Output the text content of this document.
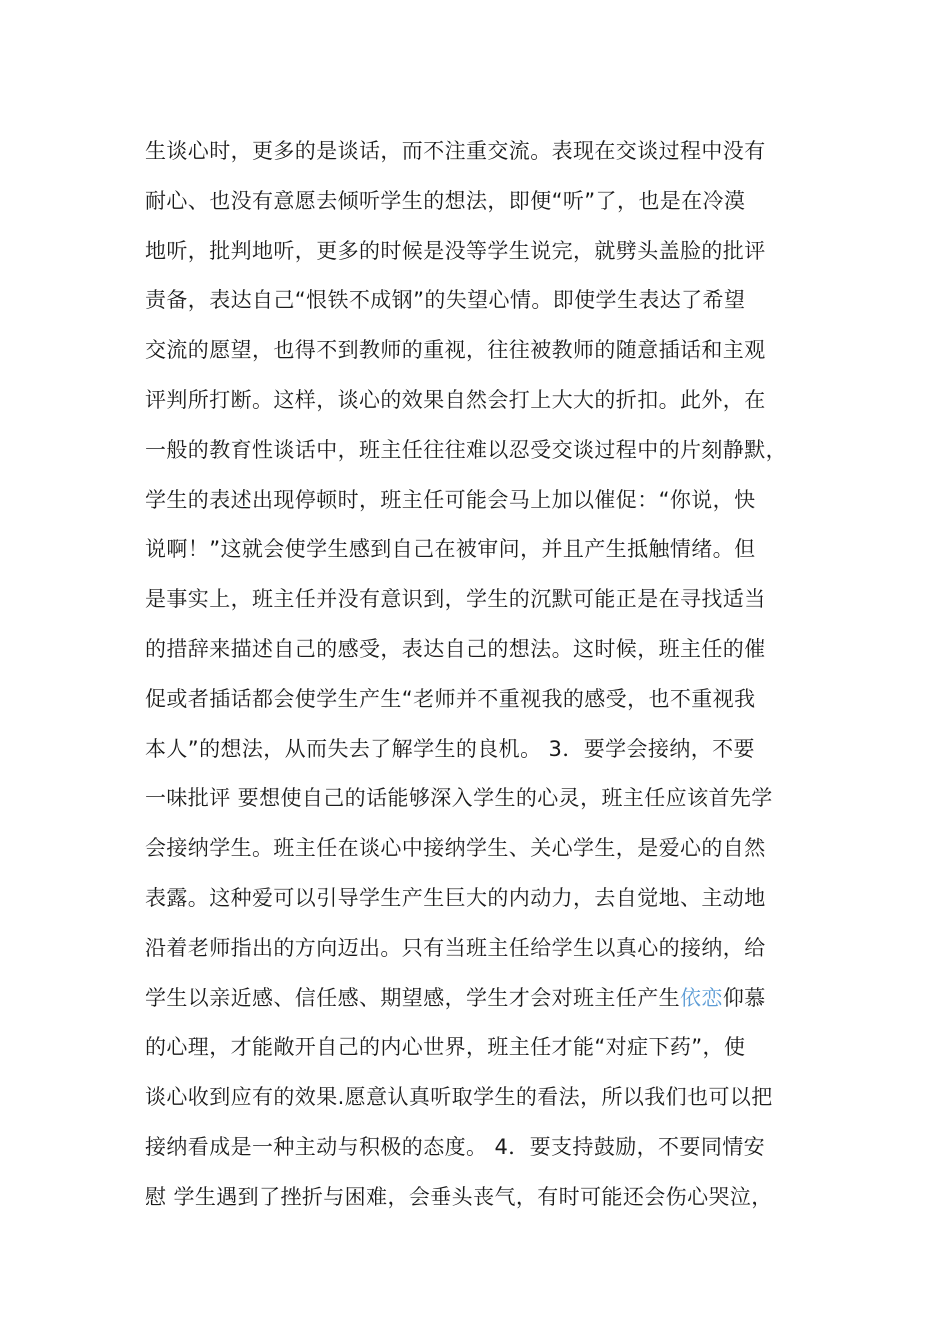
生谈心时，更多的是谈话，而不注重交流。表现在交谈过程中没有
耐心、也没有意愿去倾听学生的想法，即便“听”了，也是在冷漠
地听，批判地听，更多的时候是没等学生说完，就劈头盖脸的批评
责备，表达自己“恨铁不成钢”的失望心情。即使学生表达了希望
交流的愿望，也得不到教师的重视，往往被教师的随意插话和主观
评判所打断。这样，谈心的效果自然会打上大大的折扣。此外，在
一般的教育性谈话中，班主任往往难以忍受交谈过程中的片刻静默，
学生的表述出现停顿时，班主任可能会马上加以催促：“你说，快
说啊！”这就会使学生感到自己在被审问，并且产生抵触情绪。但
是事实上，班主任并没有意识到，学生的沉默可能正是在寻找适当
的措辞来描述自己的感受，表达自己的想法。这时候，班主任的催
促或者插话都会使学生产生“老师并不重视我的感受，也不重视我
本人”的想法，从而失去了解学生的良机。 3．要学会接纳，不要
一味批评 要想使自己的话能够深入学生的心灵，班主任应该首先学
会接纳学生。班主任在谈心中接纳学生、关心学生，是爱心的自然
表露。这种爱可以引导学生产生巨大的内动力，去自觉地、主动地
沿着老师指出的方向迈出。只有当班主任给学生以真心的接纳，给
学生以亲近感、信任感、期望感，学生才会对班主任产生依恋仰慕
的心理，才能敞开自己的内心世界，班主任才能“对症下药”，使
谈心收到应有的效果.愿意认真听取学生的看法，所以我们也可以把
接纳看成是一种主动与积极的态度。 4．要支持鼓励，不要同情安
慰 学生遇到了挫折与困难，会垂头丧气，有时可能还会伤心哭泣，
